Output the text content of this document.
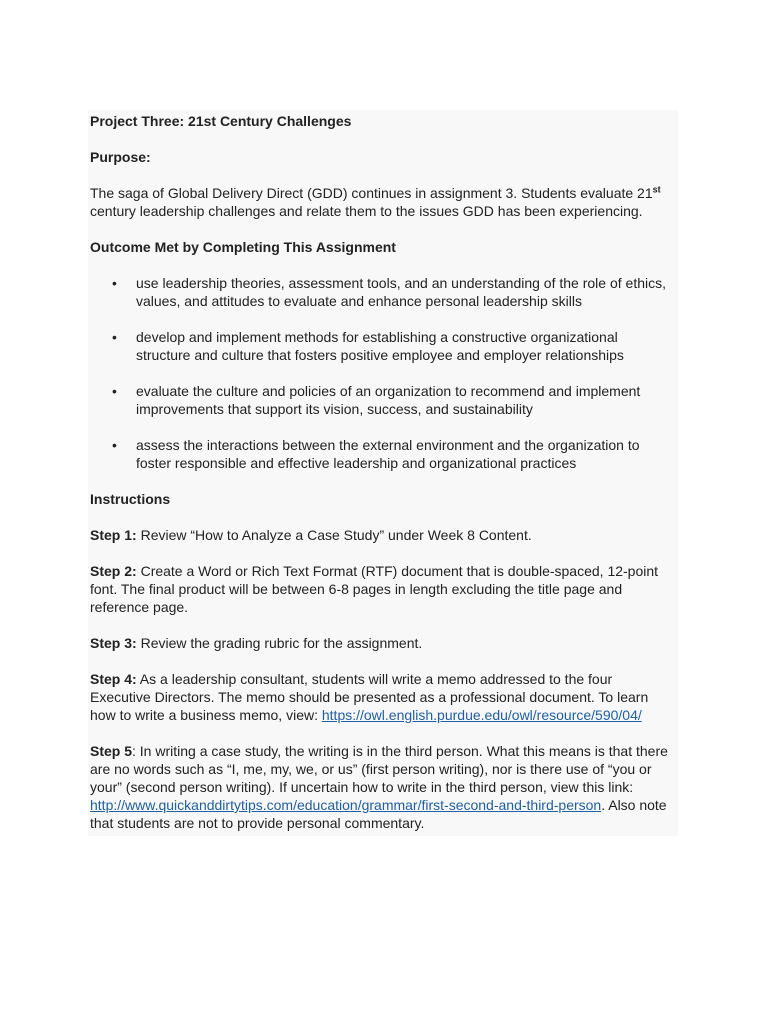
Project Three: 21st Century Challenges

Purpose:

The saga of Global Delivery Direct (GDD) continues in assignment 3. Students evaluate 21st century leadership challenges and relate them to the issues GDD has been experiencing.

Outcome Met by Completing This Assignment

• use leadership theories, assessment tools, and an understanding of the role of ethics, values, and attitudes to evaluate and enhance personal leadership skills
• develop and implement methods for establishing a constructive organizational structure and culture that fosters positive employee and employer relationships
• evaluate the culture and policies of an organization to recommend and implement improvements that support its vision, success, and sustainability
• assess the interactions between the external environment and the organization to foster responsible and effective leadership and organizational practices

Instructions

Step 1: Review “How to Analyze a Case Study” under Week 8 Content.

Step 2: Create a Word or Rich Text Format (RTF) document that is double-spaced, 12-point font. The final product will be between 6-8 pages in length excluding the title page and reference page.

Step 3: Review the grading rubric for the assignment.

Step 4: As a leadership consultant, students will write a memo addressed to the four Executive Directors. The memo should be presented as a professional document. To learn how to write a business memo, view: https://owl.english.purdue.edu/owl/resource/590/04/

Step 5: In writing a case study, the writing is in the third person. What this means is that there are no words such as “I, me, my, we, or us” (first person writing), nor is there use of “you or your” (second person writing). If uncertain how to write in the third person, view this link: http://www.quickanddirtytips.com/education/grammar/first-second-and-third-person. Also note that students are not to provide personal commentary.
